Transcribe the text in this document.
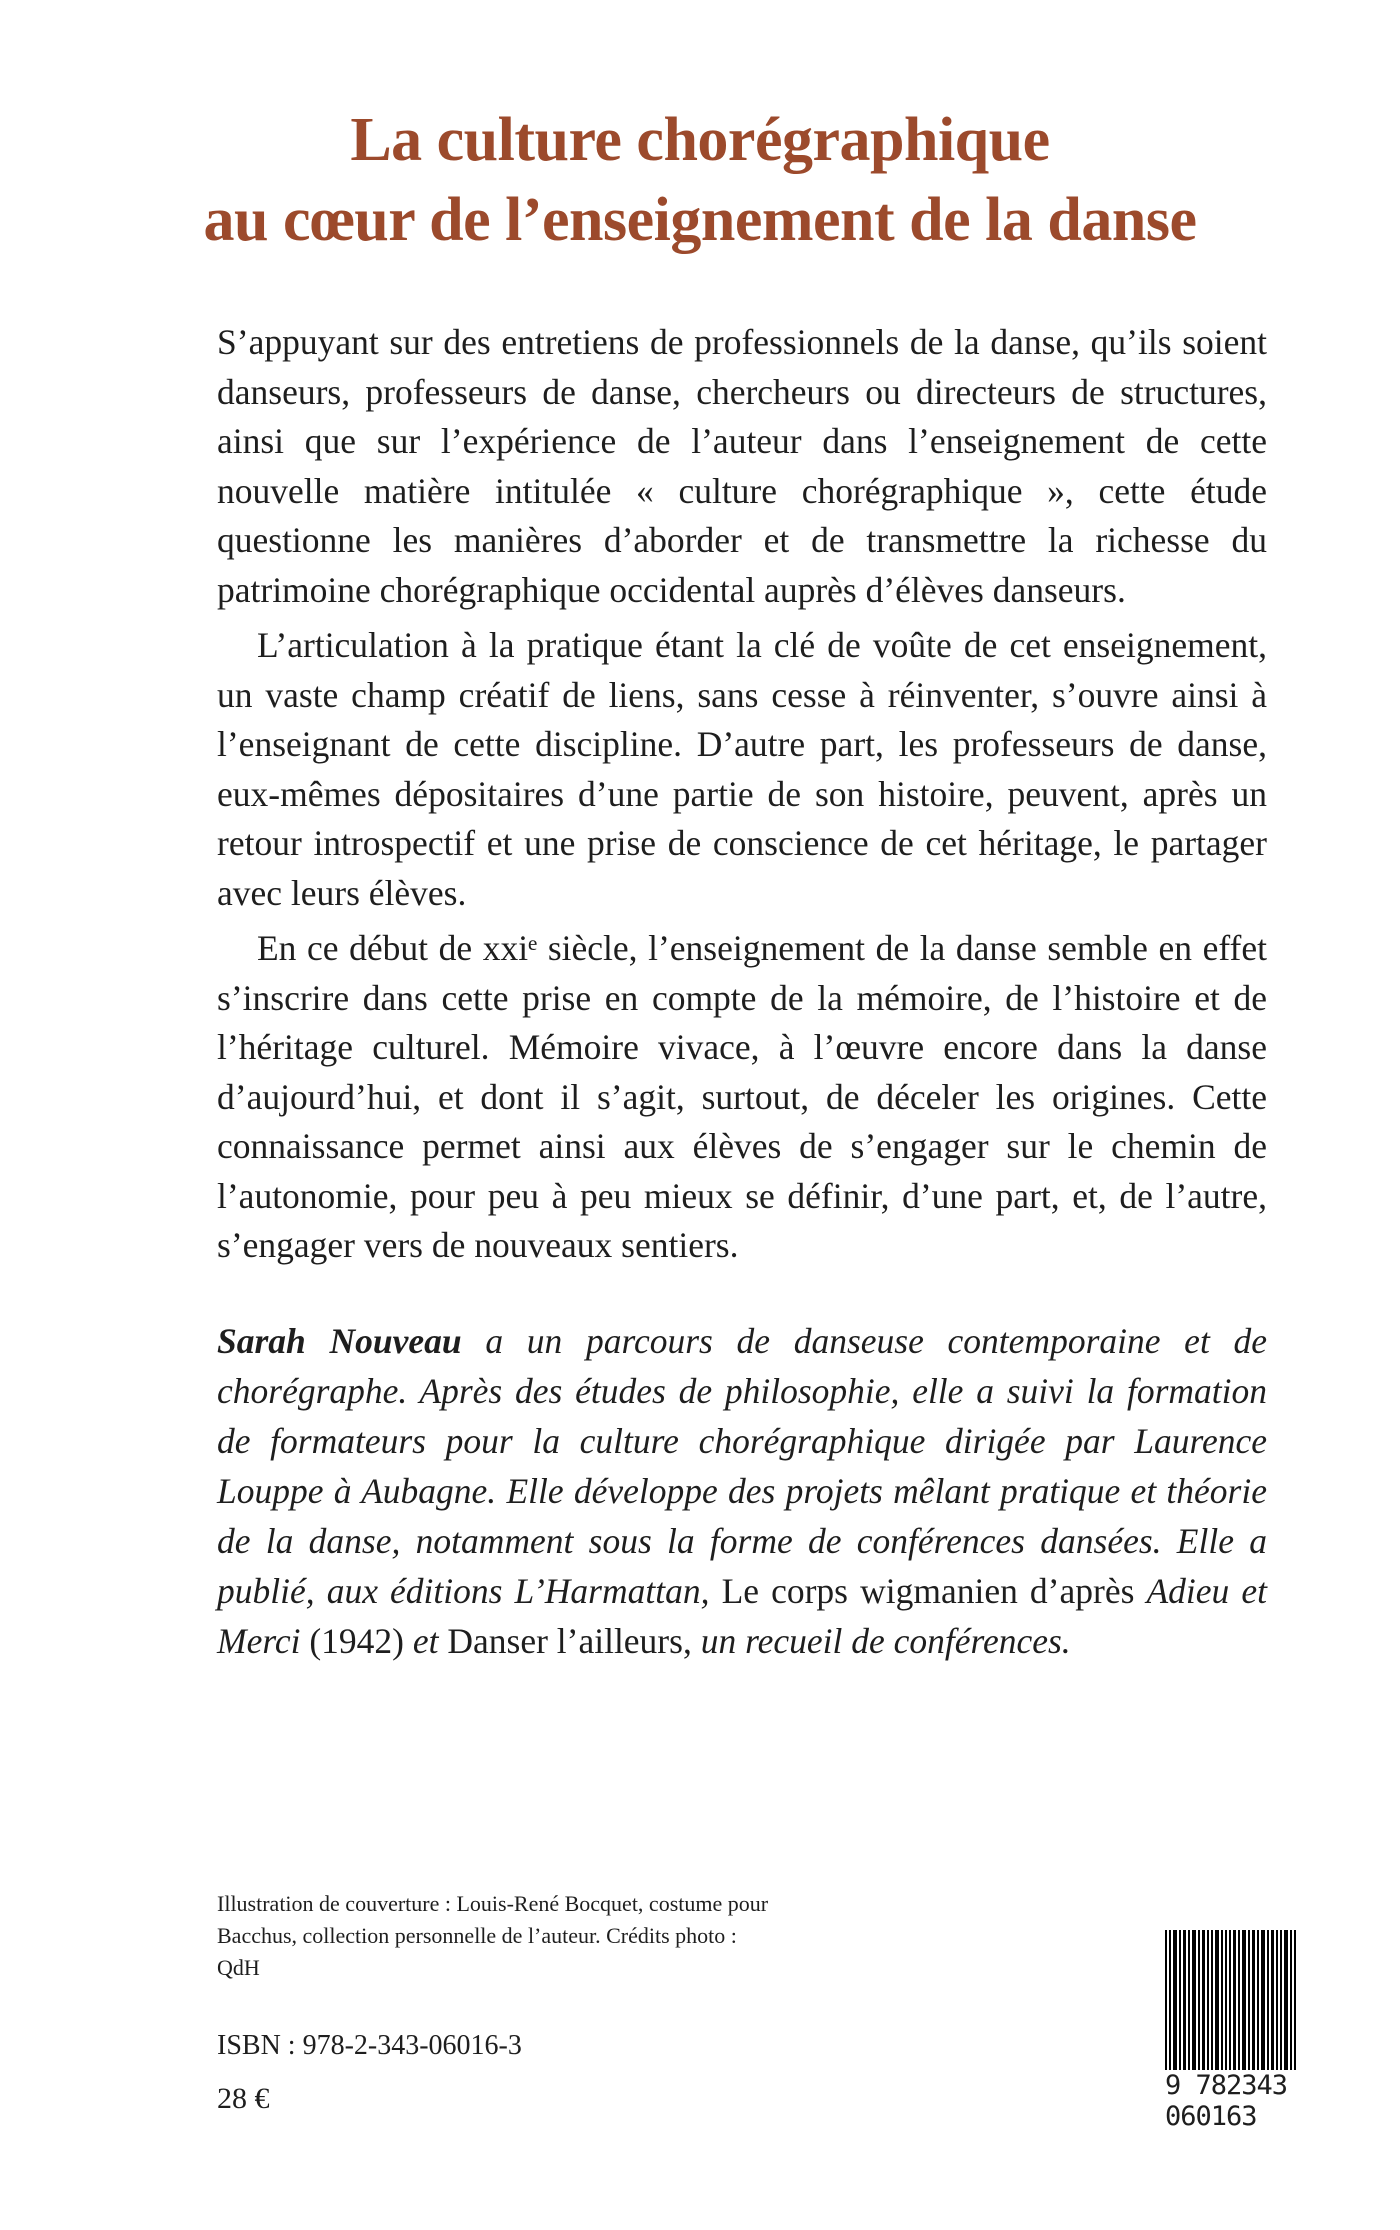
La culture chorégraphique
au cœur de l’enseignement de la danse

S’appuyant sur des entretiens de professionnels de la danse, qu’ils soient danseurs, professeurs de danse, chercheurs ou directeurs de structures, ainsi que sur l’expérience de l’auteur dans l’enseignement de cette nouvelle matière intitulée « culture chorégraphique », cette étude questionne les manières d’aborder et de transmettre la richesse du patrimoine chorégraphique occidental auprès d’élèves danseurs.

L’articulation à la pratique étant la clé de voûte de cet enseignement, un vaste champ créatif de liens, sans cesse à réinventer, s’ouvre ainsi à l’enseignant de cette discipline. D’autre part, les professeurs de danse, eux-mêmes dépositaires d’une partie de son histoire, peuvent, après un retour introspectif et une prise de conscience de cet héritage, le partager avec leurs élèves.

En ce début de xxiᵉ siècle, l’enseignement de la danse semble en effet s’inscrire dans cette prise en compte de la mémoire, de l’histoire et de l’héritage culturel. Mémoire vivace, à l’œuvre encore dans la danse d’aujourd’hui, et dont il s’agit, surtout, de déceler les origines. Cette connaissance permet ainsi aux élèves de s’engager sur le chemin de l’autonomie, pour peu à peu mieux se définir, d’une part, et, de l’autre, s’engager vers de nouveaux sentiers.

Sarah Nouveau a un parcours de danseuse contemporaine et de chorégraphe. Après des études de philosophie, elle a suivi la formation de formateurs pour la culture chorégraphique dirigée par Laurence Louppe à Aubagne. Elle développe des projets mêlant pratique et théorie de la danse, notamment sous la forme de conférences dansées. Elle a publié, aux éditions L’Harmattan, Le corps wigmanien d’après Adieu et Merci (1942) et Danser l’ailleurs, un recueil de conférences.
Illustration de couverture : Louis-René Bocquet, costume pour
Bacchus, collection personnelle de l’auteur. Crédits photo : QdH
ISBN : 978-2-343-06016-3
28 €	9 782343 060163
